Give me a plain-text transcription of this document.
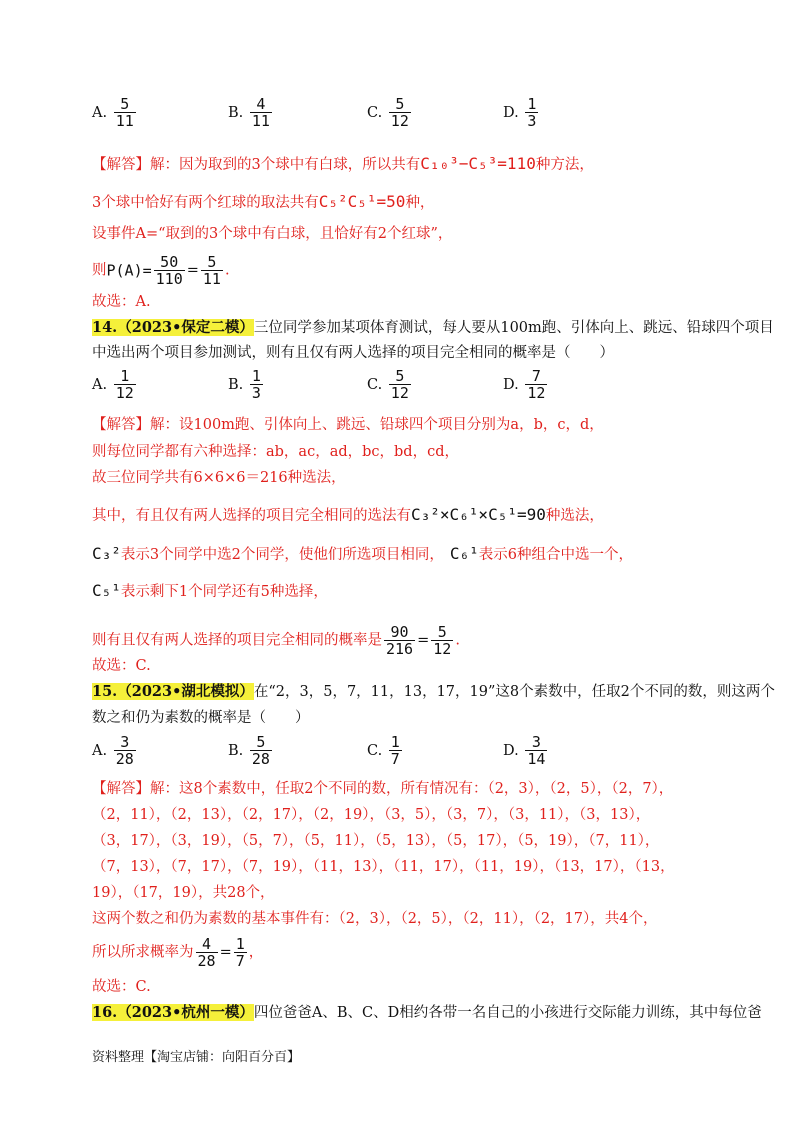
A. $\frac{5}{11}$	B. $\frac{4}{11}$	C. $\frac{5}{12}$	D. $\frac{1}{3}$
【解答】解：因为取到的3个球中有白球，所以共有C₁₀³−C₅³=110种方法，
3个球中恰好有两个红球的取法共有C₅²C₅¹=50种，
设事件A=“取到的3个球中有白球，且恰好有2个红球”，
则$P(A)= \frac{50}{110} = \frac{5}{11}$ .
故选：A.
14.（2023•保定二模）三位同学参加某项体育测试，每人要从100m跑、引体向上、跳远、铅球四个项目
中选出两个项目参加测试，则有且仅有两人选择的项目完全相同的概率是（　　）
A. $\frac{1}{12}$	B. $\frac{1}{3}$	C. $\frac{5}{12}$	D. $\frac{7}{12}$
【解答】解：设100m跑、引体向上、跳远、铅球四个项目分别为a，b，c，d，
则每位同学都有六种选择：ab，ac，ad，bc，bd，cd，
故三位同学共有6×6×6＝216种选法，
其中，有且仅有两人选择的项目完全相同的选法有C₃²×C₆¹×C₅¹=90种选法，
C₃²表示3个同学中选2个同学，使他们所选项目相同， C₆¹表示6种组合中选一个，
C₅¹表示剩下1个同学还有5种选择，
则有且仅有两人选择的项目完全相同的概率是 $\frac{90}{216} = \frac{5}{12}$ .
故选：C.
15.（2023•湖北模拟）在“2，3，5，7，11，13，17，19”这8个素数中，任取2个不同的数，则这两个
数之和仍为素数的概率是（　　）
A. $\frac{3}{28}$	B. $\frac{5}{28}$	C. $\frac{1}{7}$	D. $\frac{3}{14}$
【解答】解：这8个素数中，任取2个不同的数，所有情况有：（2，3），（2，5），（2，7），
（2，11），（2，13），（2，17），（2，19），（3，5），（3，7），（3，11），（3，13），
（3，17），（3，19），（5，7），（5，11），（5，13），（5，17），（5，19），（7，11），
（7，13），（7，17），（7，19），（11，13），（11，17），（11，19），（13，17），（13，
19），（17，19），共28个，
这两个数之和仍为素数的基本事件有：（2，3），（2，5），（2，11），（2，17），共4个，
所以所求概率为 $\frac{4}{28} = \frac{1}{7}$ ，
故选：C.
16.（2023•杭州一模）四位爸爸A、B、C、D相约各带一名自己的小孩进行交际能力训练，其中每位爸
资料整理【淘宝店铺：向阳百分百】
